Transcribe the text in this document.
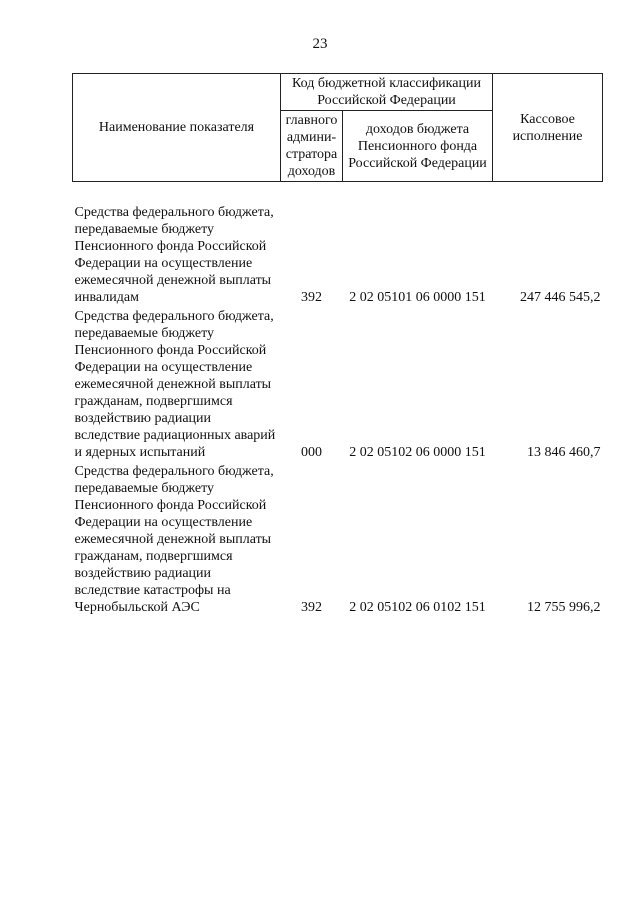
23
Наименование показателя	Код бюджетной классификации Российской Федерации		Кассовое исполнение
	главного админи-стратора доходов	доходов бюджета Пенсионного фонда Российской Федерации	

Средства федерального бюджета, передаваемые бюджету Пенсионного фонда Российской Федерации на осуществление ежемесячной денежной выплаты инвалидам	392	2 02 05101 06 0000 151	247 446 545,2
Средства федерального бюджета, передаваемые бюджету Пенсионного фонда Российской Федерации на осуществление ежемесячной денежной выплаты гражданам, подвергшимся воздействию радиации вследствие радиационных аварий и ядерных испытаний	000	2 02 05102 06 0000 151	13 846 460,7
Средства федерального бюджета, передаваемые бюджету Пенсионного фонда Российской Федерации на осуществление ежемесячной денежной выплаты гражданам, подвергшимся воздействию радиации вследствие катастрофы на Чернобыльской АЭС	392	2 02 05102 06 0102 151	12 755 996,2
